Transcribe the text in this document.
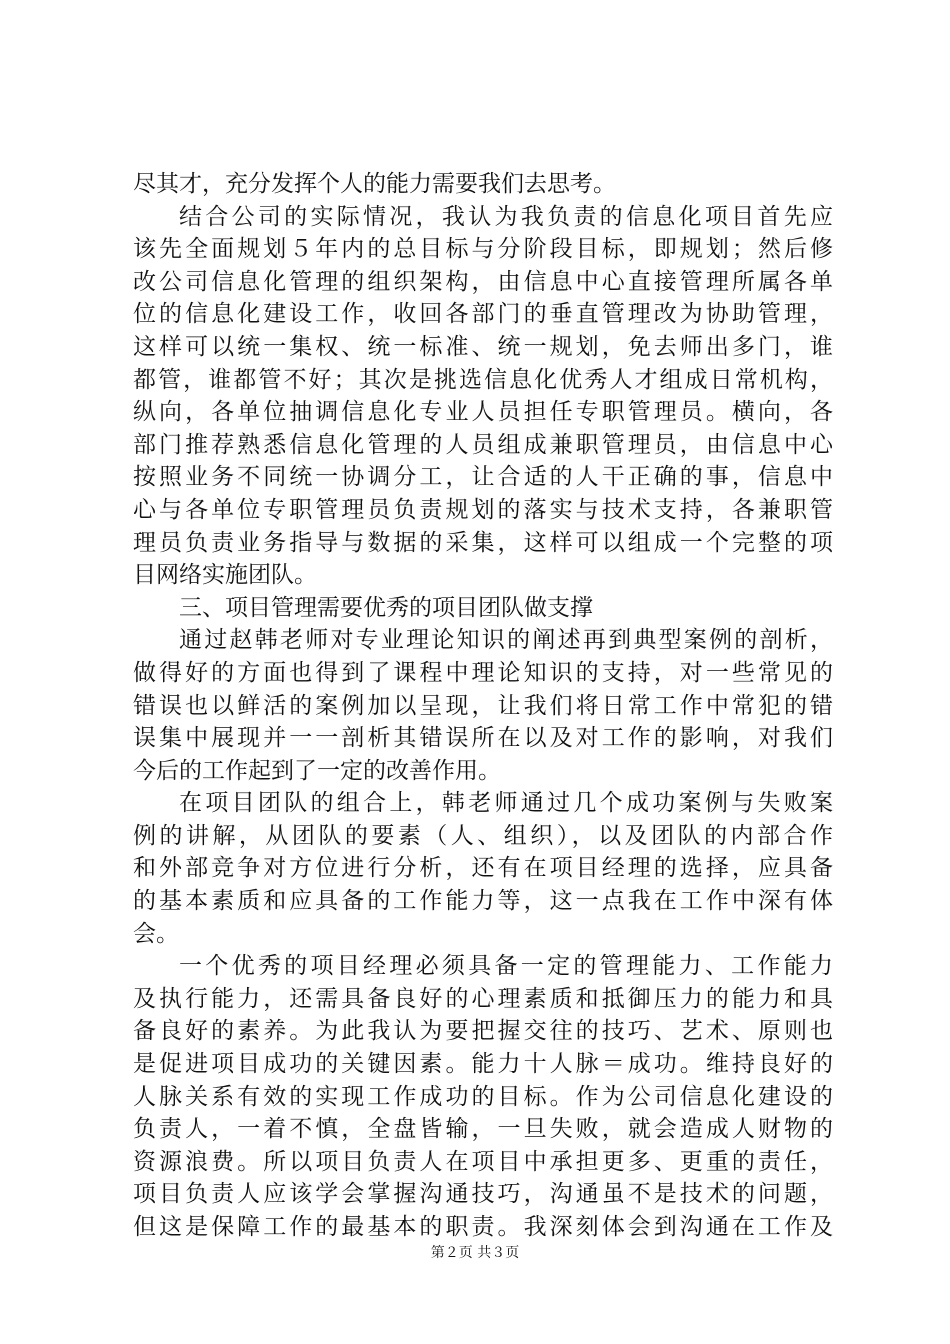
尽其才，充分发挥个人的能力需要我们去思考。
结合公司的实际情况，我认为我负责的信息化项目首先应
该先全面规划５年内的总目标与分阶段目标，即规划；然后修
改公司信息化管理的组织架构，由信息中心直接管理所属各单
位的信息化建设工作，收回各部门的垂直管理改为协助管理，
这样可以统一集权、统一标准、统一规划，免去师出多门，谁
都管，谁都管不好；其次是挑选信息化优秀人才组成日常机构，
纵向，各单位抽调信息化专业人员担任专职管理员。横向，各
部门推荐熟悉信息化管理的人员组成兼职管理员，由信息中心
按照业务不同统一协调分工，让合适的人干正确的事，信息中
心与各单位专职管理员负责规划的落实与技术支持，各兼职管
理员负责业务指导与数据的采集，这样可以组成一个完整的项
目网络实施团队。
三、项目管理需要优秀的项目团队做支撑
通过赵韩老师对专业理论知识的阐述再到典型案例的剖析，
做得好的方面也得到了课程中理论知识的支持，对一些常见的
错误也以鲜活的案例加以呈现，让我们将日常工作中常犯的错
误集中展现并一一剖析其错误所在以及对工作的影响，对我们
今后的工作起到了一定的改善作用。
在项目团队的组合上，韩老师通过几个成功案例与失败案
例的讲解，从团队的要素（人、组织），以及团队的内部合作
和外部竞争对方位进行分析，还有在项目经理的选择，应具备
的基本素质和应具备的工作能力等，这一点我在工作中深有体
会。
一个优秀的项目经理必须具备一定的管理能力、工作能力
及执行能力，还需具备良好的心理素质和抵御压力的能力和具
备良好的素养。为此我认为要把握交往的技巧、艺术、原则也
是促进项目成功的关键因素。能力十人脉＝成功。维持良好的
人脉关系有效的实现工作成功的目标。作为公司信息化建设的
负责人，一着不慎，全盘皆输，一旦失败，就会造成人财物的
资源浪费。所以项目负责人在项目中承担更多、更重的责任，
项目负责人应该学会掌握沟通技巧，沟通虽不是技术的问题，
但这是保障工作的最基本的职责。我深刻体会到沟通在工作及
第２页 共３页
